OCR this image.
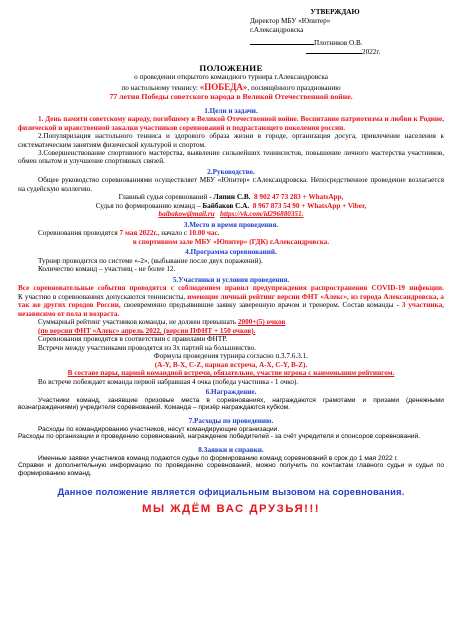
УТВЕРЖДАЮ
Директор МБУ «Юпитер»
г.Александровска
Плотников О.В.
2022г.
ПОЛОЖЕНИЕ

о проведении открытого командного турнира г.Александровска

по настольному теннису: «ПОБЕДА», посвящённого празднованию

77 летия Победы советского народа в Великой Отечественной войне.

1.Цели и задачи.

1. День памяти советскому народу, погибшему в Великой Отечественной войне. Воспитание патриотизма и любви к Родине, физической и нравственной закалки участников соревнований и подрастающего поколения россии.

2.Популяризация настольного тенниса и здорового образа жизни в городе, организация досуга, привлечение населения к систематическим занятиям физической культурой и спортом.

3.Совершенствование спортивного мастерства, выявление сильнейших теннисистов, повышение личного мастерства участников, обмен опытом и улучшение спортивных связей.

2.Руководство.

Общее руководство соревнованиями осуществляет МБУ «Юпитер» г.Александровска. Непосредственное проведение возлагается на судейскую коллегию.

Главный судья соревнований - Ляпин С.В. 8 902 47 73 283 + WhatsApp,

Судья по формированию команд – Байбаков С.А. 8 967 873 54 90 + WhatsApp + Viber,

baibakow@mail.ru https://vk.com/id296880351.

3.Место и время проведения.

Соревнования проводятся 7 мая 2022г., начало с 10.00 час.

в спортивном зале МБУ «Юпитер» (ГДК) г.Александровска.

4.Программа соревнований.

Турнир проводится по системе «-2», (выбывание после двух поражений).

Количество команд – участниц - не более 12.

5.Участники и условия проведения.

Все соревновательные события проводятся с соблюдением правил предупреждения распространения COVID-19 инфекции.

К участию в соревнованиях допускаются теннисисты, имеющие личный рейтинг версии ФНТ «Алекс», из города Александровска, а так же других городов России, своевременно предъявившие заявку заверенную врачом и тренером. Состав команды - 3 участника, независимо от пола и возраста.

Суммарный рейтинг участников команды, не должен превышать 2000+(5) очков

(по версии ФНТ «Алекс» апрель 2022, (версия ПФНТ + 150 очков).

Соревнования проводятся в соответствии с правилами ФНТР.

Встречи между участниками проводятся из 3х партий на большинство.

Формула проведения турнира согласно п.3.7.6.3.1.

(А-Y, В-Х, С-Z, парная встреча, А-Х, С-Y, В-Z).

В составе пары, парной командной встречи, обязательно, участие игрока с наименьшим рейтингом.

Во встрече побеждает команда первой набравшая 4 очка (победа участника - 1 очко).

6.Награждение.

Участники команд, занявшие призовые места в соревнованиях, награждаются грамотами и призами (денежными вознаграждениями) учредителя соревнований. Команда – призёр награждаются кубком.

7.Расходы по проведению.

Расходы по командированию участников, несут командирующие организации.

Расходы по организации и проведению соревнований, награждение победителей - за счёт учредителя и спонсоров соревнований.

8.Заявки и справки.

Именные заявки участников команд подаются судье по формированию команд соревнований в срок до 1 мая 2022 г.

Справки и дополнительную информацию по проведению соревнований, можно получить по контактам главного судьи и судьи по формированию команд.

Данное положение является официальным вызовом на соревнования.

МЫ ЖДЁМ ВАС ДРУЗЬЯ!!!
